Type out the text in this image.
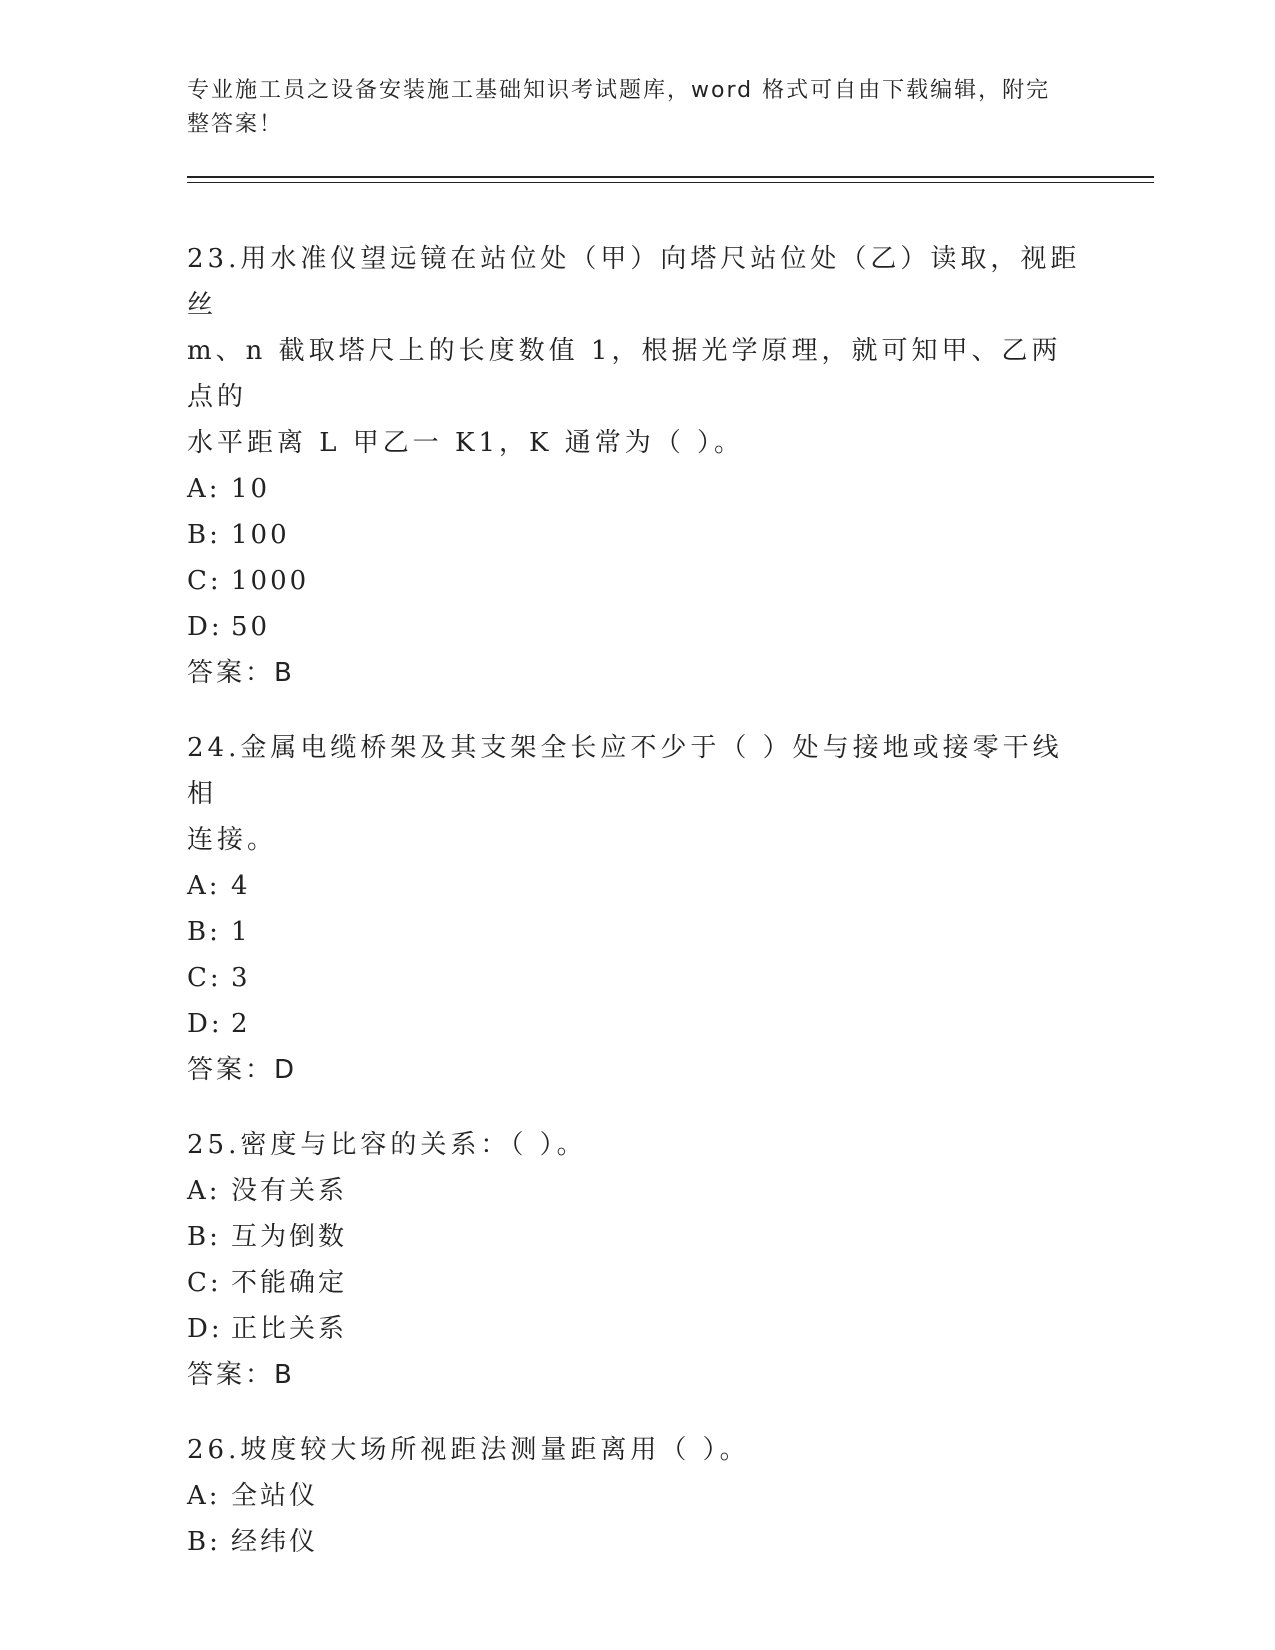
专业施工员之设备安装施工基础知识考试题库，word 格式可自由下载编辑，附完
整答案！

23.用水准仪望远镜在站位处（甲）向塔尺站位处（乙）读取，视距丝

m、n 截取塔尺上的长度数值 1，根据光学原理，就可知甲、乙两点的

水平距离 L 甲乙一 K1，K 通常为（ ）。

A: 10

B: 100

C: 1000

D: 50

答案：B

24.金属电缆桥架及其支架全长应不少于（ ）处与接地或接零干线相

连接。

A: 4

B: 1

C: 3

D: 2

答案：D

25.密度与比容的关系：（ ）。

A: 没有关系

B: 互为倒数

C: 不能确定

D: 正比关系

答案：B

26.坡度较大场所视距法测量距离用（ ）。

A: 全站仪

B: 经纬仪
